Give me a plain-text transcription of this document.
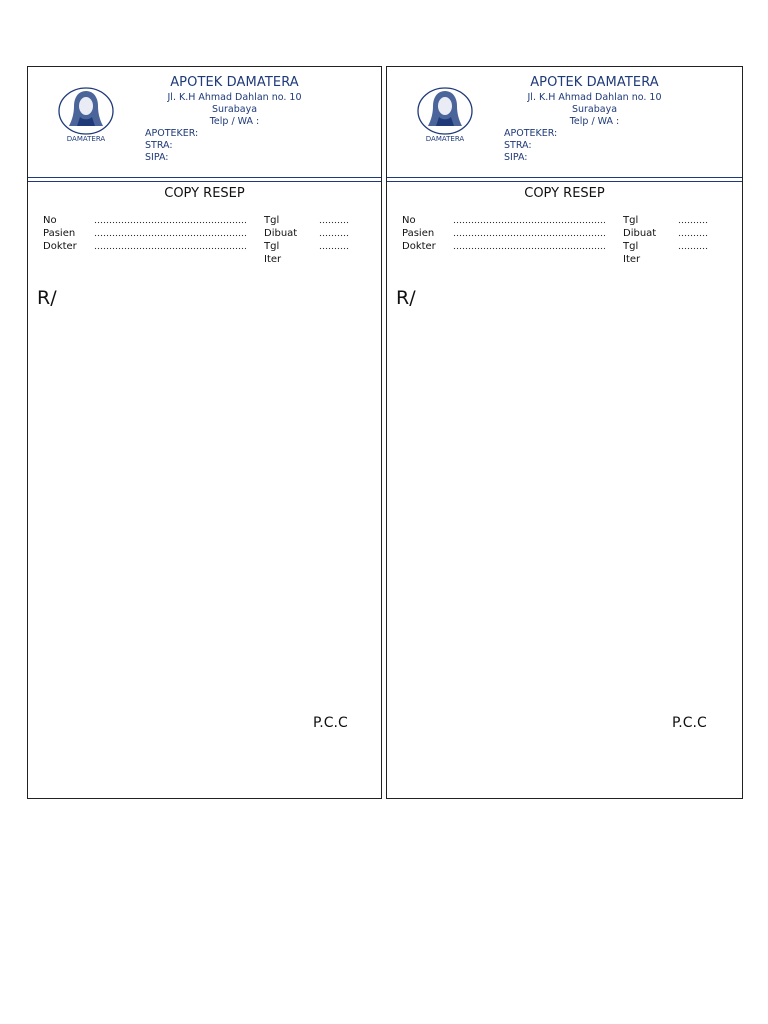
DAMATERA
APOTEK DAMATERA
Jl. K.H Ahmad Dahlan no. 10
Surabaya
Telp / WA :
APOTEKER:
STRA:
SIPA:
COPY RESEP
No
Pasien
Dokter
Tgl
Dibuat
Tgl
Iter
R/
P.C.C
DAMATERA
APOTEK DAMATERA
Jl. K.H Ahmad Dahlan no. 10
Surabaya
Telp / WA :
APOTEKER:
STRA:
SIPA:
COPY RESEP
No
Pasien
Dokter
Tgl
Dibuat
Tgl
Iter
R/
P.C.C
